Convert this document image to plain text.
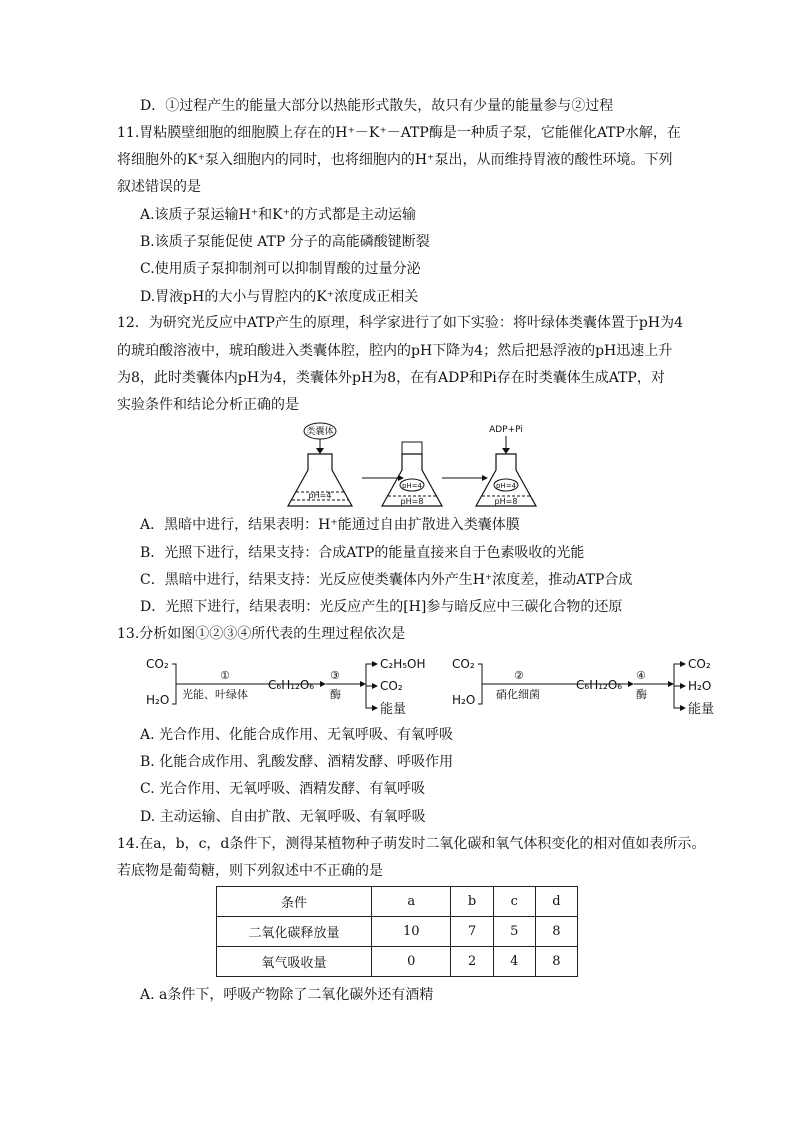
D．①过程产生的能量大部分以热能形式散失，故只有少量的能量参与②过程
11.胃粘膜壁细胞的细胞膜上存在的H⁺－K⁺－ATP酶是一种质子泵，它能催化ATP水解，在
将细胞外的K⁺泵入细胞内的同时，也将细胞内的H⁺泵出，从而维持胃液的酸性环境。下列
叙述错误的是
A.该质子泵运输H⁺和K⁺的方式都是主动运输
B.该质子泵能促使 ATP 分子的高能磷酸键断裂
C.使用质子泵抑制剂可以抑制胃酸的过量分泌
D.胃液pH的大小与胃腔内的K⁺浓度成正相关
12．为研究光反应中ATP产生的原理，科学家进行了如下实验：将叶绿体类囊体置于pH为4
的琥珀酸溶液中，琥珀酸进入类囊体腔，腔内的pH下降为4；然后把悬浮液的pH迅速上升
为8，此时类囊体内pH为4，类囊体外pH为8，在有ADP和Pi存在时类囊体生成ATP，对
实验条件和结论分析正确的是
类囊体
pH=4
pH=4
pH=8
ADP+Pi
pH=4
pH=8
A．黑暗中进行，结果表明：H⁺能通过自由扩散进入类囊体膜
B．光照下进行，结果支持：合成ATP的能量直接来自于色素吸收的光能
C．黑暗中进行，结果支持：光反应使类囊体内外产生H⁺浓度差，推动ATP合成
D．光照下进行，结果表明：光反应产生的[H]参与暗反应中三碳化合物的还原
13.分析如图①②③④所代表的生理过程依次是
CO₂
H₂O
①
光能、叶绿体
C₆H₁₂O₆
③
酶
C₂H₅OH
CO₂
能量
CO₂
H₂O
②
硝化细菌
C₆H₁₂O₆
④
酶
CO₂
H₂O
能量
A. 光合作用、化能合成作用、无氧呼吸、有氧呼吸
B. 化能合成作用、乳酸发酵、酒精发酵、呼吸作用
C. 光合作用、无氧呼吸、酒精发酵、有氧呼吸
D. 主动运输、自由扩散、无氧呼吸、有氧呼吸
14.在a，b，c，d条件下，测得某植物种子萌发时二氧化碳和氧气体积变化的相对值如表所示。
若底物是葡萄糖，则下列叙述中不正确的是
条件	a	b	c	d
二氧化碳释放量	10	7	5	8
氧气吸收量	0	2	4	8
A. a条件下，呼吸产物除了二氧化碳外还有酒精
